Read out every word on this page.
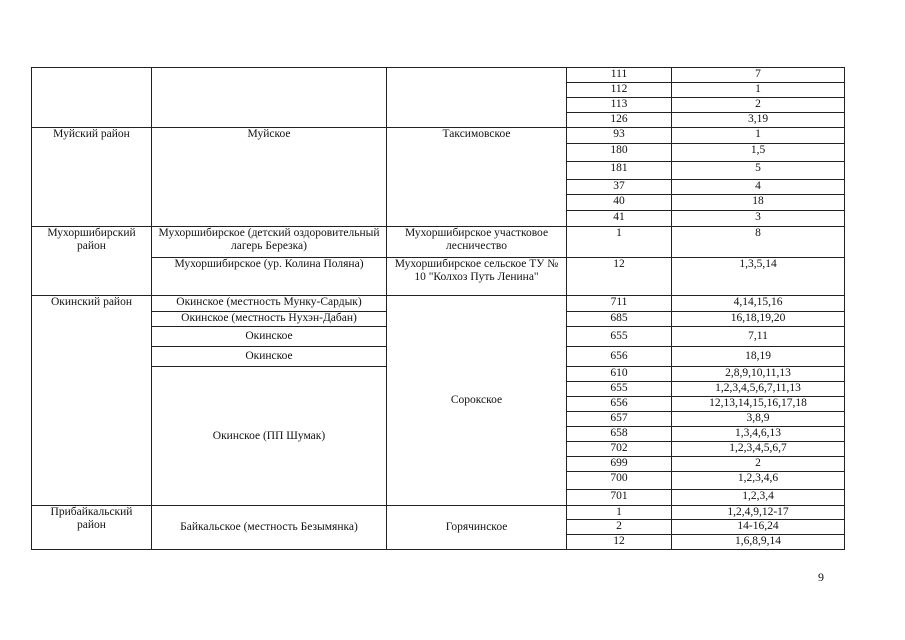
			111	7
			112	1
			113	2
			126	3,19
Муйский район	Муйское	Таксимовское	93	1
			180	1,5
			181	5
			37	4
			40	18
			41	3
Мухоршибирский район	Мухоршибирское (детский оздоровительный лагерь Березка)	Мухоршибирское участковое лесничество	1	8
	Мухоршибирское (ур. Колина Поляна)	Мухоршибирское сельское ТУ № 10 "Колхоз Путь Ленина"	12	1,3,5,14
Окинский район	Окинское (местность Мунку-Сардык)	Сорокское	711	4,14,15,16
	Окинское (местность Нухэн-Дабан)		685	16,18,19,20
	Окинское		655	7,11
	Окинское		656	18,19
	Окинское (ПП Шумак)		610	2,8,9,10,11,13
			655	1,2,3,4,5,6,7,11,13
			656	12,13,14,15,16,17,18
			657	3,8,9
			658	1,3,4,6,13
			702	1,2,3,4,5,6,7
			699	2
			700	1,2,3,4,6
			701	1,2,3,4
Прибайкальский район	Байкальское (местность Безымянка)	Горячинское	1	1,2,4,9,12-17
			2	14-16,24
			12	1,6,8,9,14
9
